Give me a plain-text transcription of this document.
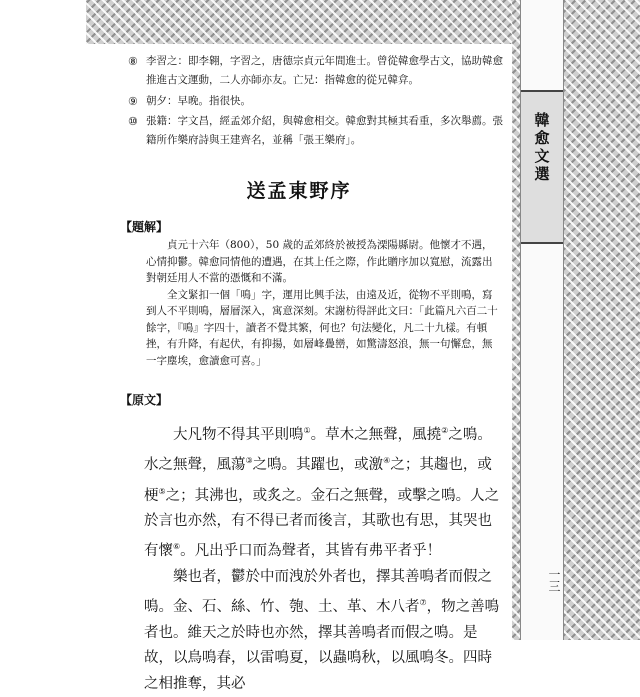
韓愈文選
一三
⑧ 李習之：即李翱，字習之，唐德宗貞元年間進士。曾從韓愈學古文，協助韓愈推進古文運動，二人亦師亦友。亡兄：指韓愈的從兄韓弇。

⑨ 朝夕：早晚。指很快。

⑩ 張籍：字文昌，經孟郊介紹，與韓愈相交。韓愈對其極其看重，多次舉薦。張籍所作樂府詩與王建齊名，並稱「張王樂府」。

送孟東野序
【題解】

　　貞元十六年（800），50 歲的孟郊終於被授為溧陽縣尉。他懷才不遇，心情抑鬱。韓愈同情他的遭遇，在其上任之際，作此贈序加以寬慰，流露出對朝廷用人不當的憑慨和不滿。

　　全文緊扣一個「鳴」字，運用比興手法，由遠及近，從物不平則鳴，寫到人不平則鳴，層層深入，寓意深刻。宋謝枋得評此文曰：「此篇凡六百二十餘字，『鳴』字四十，讀者不覺其繁，何也？句法變化，凡二十九樣。有頓挫，有升降，有起伏，有抑揚，如層峰疊巒，如驚濤怒浪，無一句懈怠，無一字塵埃，愈讀愈可喜。」

【原文】

　　大凡物不得其平則鳴①。草木之無聲，風撓②之鳴。水之無聲，風蕩③之鳴。其躍也，或激④之；其趨也，或梗⑤之；其沸也，或炙之。金石之無聲，或擊之鳴。人之於言也亦然，有不得已者而後言，其歌也有思，其哭也有懷⑥。凡出乎口而為聲者，其皆有弗平者乎！

　　樂也者，鬱於中而洩於外者也，擇其善鳴者而假之鳴。金、石、絲、竹、匏、土、革、木八者⑦，物之善鳴者也。維天之於時也亦然，擇其善鳴者而假之鳴。是故，以鳥鳴春，以雷鳴夏，以蟲鳴秋，以風鳴冬。四時之相推奪，其必
